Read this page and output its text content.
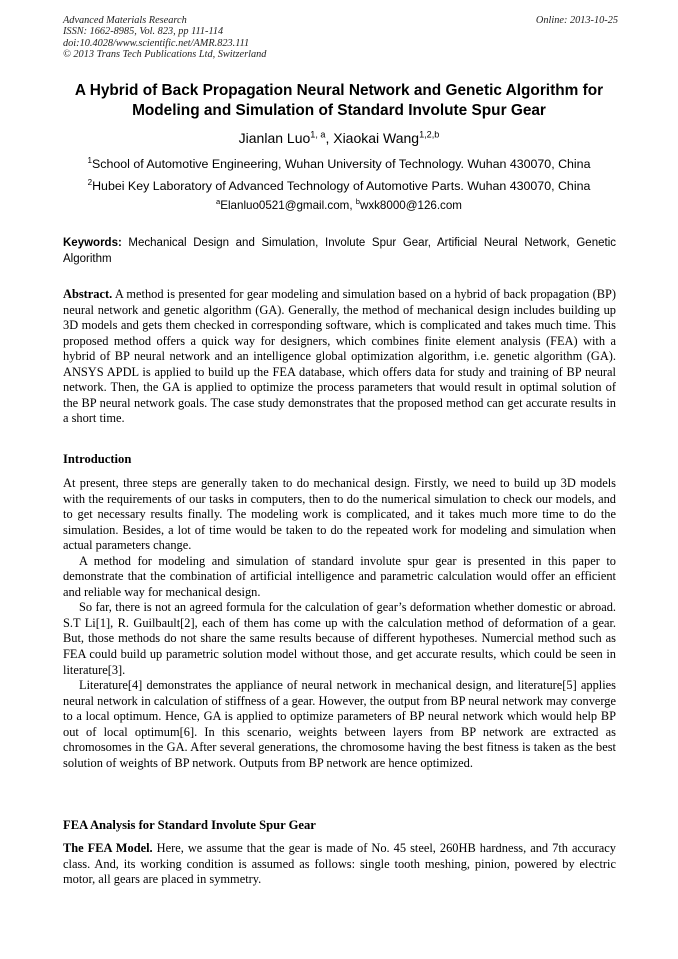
Advanced Materials Research
ISSN: 1662-8985, Vol. 823, pp 111-114
doi:10.4028/www.scientific.net/AMR.823.111
© 2013 Trans Tech Publications Ltd, Switzerland
Online: 2013-10-25
A Hybrid of Back Propagation Neural Network and Genetic Algorithm for Modeling and Simulation of Standard Involute Spur Gear
Jianlan Luo$^{1, a}$, Xiaokai Wang$^{1,2,b}$
$^1$School of Automotive Engineering, Wuhan University of Technology. Wuhan 430070, China
$^2$Hubei Key Laboratory of Advanced Technology of Automotive Parts. Wuhan 430070, China
$^a$Elanluo0521@gmail.com, $^b$wxk8000@126.com
Keywords: Mechanical Design and Simulation, Involute Spur Gear, Artificial Neural Network, Genetic Algorithm
Abstract. A method is presented for gear modeling and simulation based on a hybrid of back propagation (BP) neural network and genetic algorithm (GA). Generally, the method of mechanical design includes building up 3D models and gets them checked in corresponding software, which is complicated and takes much time. This proposed method offers a quick way for designers, which combines finite element analysis (FEA) with a hybrid of BP neural network and an intelligence global optimization algorithm, i.e. genetic algorithm (GA). ANSYS APDL is applied to build up the FEA database, which offers data for study and training of BP neural network. Then, the GA is applied to optimize the process parameters that would result in optimal solution of the BP neural network goals. The case study demonstrates that the proposed method can get accurate results in a short time.
Introduction

At present, three steps are generally taken to do mechanical design. Firstly, we need to build up 3D models with the requirements of our tasks in computers, then to do the numerical simulation to check our models, and to get necessary results finally. The modeling work is complicated, and it takes much more time to do the simulation. Besides, a lot of time would be taken to do the repeated work for modeling and simulation when actual parameters change.

A method for modeling and simulation of standard involute spur gear is presented in this paper to demonstrate that the combination of artificial intelligence and parametric calculation would offer an efficient and reliable way for mechanical design.

So far, there is not an agreed formula for the calculation of gear’s deformation whether domestic or abroad. S.T Li[1], R. Guilbault[2], each of them has come up with the calculation method of deformation of a gear. But, those methods do not share the same results because of different hypotheses. Numercial method such as FEA could build up parametric solution model without those, and get accurate results, which could be seen in literature[3].

Literature[4] demonstrates the appliance of neural network in mechanical design, and literature[5] applies neural network in calculation of stiffness of a gear. However, the output from BP neural network may converge to a local optimum. Hence, GA is applied to optimize parameters of BP neural network which would help BP out of local optimum[6]. In this scenario, weights between layers from BP network are extracted as chromosomes in the GA. After several generations, the chromosome having the best fitness is taken as the best solution of weights of BP network. Outputs from BP network are hence optimized.

FEA Analysis for Standard Involute Spur Gear
The FEA Model. Here, we assume that the gear is made of No. 45 steel, 260HB hardness, and 7th accuracy class. And, its working condition is assumed as follows: single tooth meshing, pinion, powered by electric motor, all gears are placed in symmetry.
